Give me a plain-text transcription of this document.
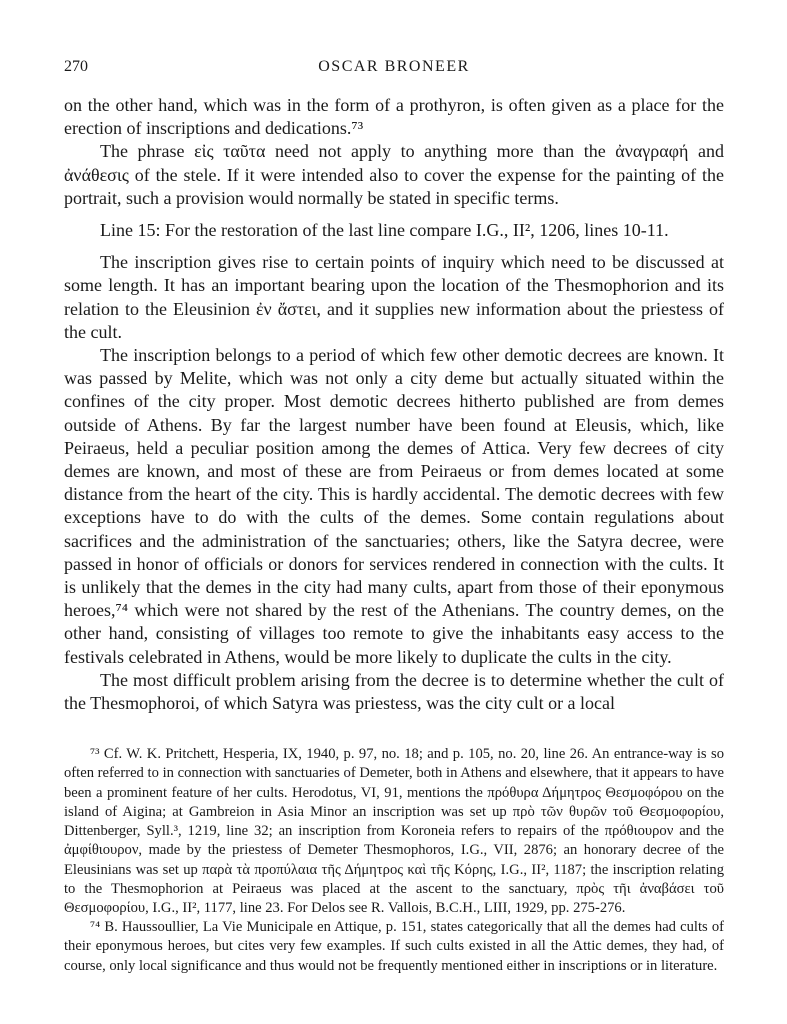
270	OSCAR BRONEER

on the other hand, which was in the form of a prothyron, is often given as a place for the erection of inscriptions and dedications.⁷³

The phrase εἰς ταῦτα need not apply to anything more than the ἀναγραφή and ἀνάθεσις of the stele. If it were intended also to cover the expense for the painting of the portrait, such a provision would normally be stated in specific terms.

Line 15: For the restoration of the last line compare I.G., II², 1206, lines 10-11.

The inscription gives rise to certain points of inquiry which need to be discussed at some length. It has an important bearing upon the location of the Thesmophorion and its relation to the Eleusinion ἐν ἄστει, and it supplies new information about the priestess of the cult.

The inscription belongs to a period of which few other demotic decrees are known. It was passed by Melite, which was not only a city deme but actually situated within the confines of the city proper. Most demotic decrees hitherto published are from demes outside of Athens. By far the largest number have been found at Eleusis, which, like Peiraeus, held a peculiar position among the demes of Attica. Very few decrees of city demes are known, and most of these are from Peiraeus or from demes located at some distance from the heart of the city. This is hardly accidental. The demotic decrees with few exceptions have to do with the cults of the demes. Some contain regulations about sacrifices and the administration of the sanctuaries; others, like the Satyra decree, were passed in honor of officials or donors for services rendered in connection with the cults. It is unlikely that the demes in the city had many cults, apart from those of their eponymous heroes,⁷⁴ which were not shared by the rest of the Athenians. The country demes, on the other hand, consisting of villages too remote to give the inhabitants easy access to the festivals celebrated in Athens, would be more likely to duplicate the cults in the city.

The most difficult problem arising from the decree is to determine whether the cult of the Thesmophoroi, of which Satyra was priestess, was the city cult or a local

⁷³ Cf. W. K. Pritchett, Hesperia, IX, 1940, p. 97, no. 18; and p. 105, no. 20, line 26. An entrance-way is so often referred to in connection with sanctuaries of Demeter, both in Athens and elsewhere, that it appears to have been a prominent feature of her cults. Herodotus, VI, 91, mentions the πρόθυρα Δήμητρος Θεσμοφόρου on the island of Aigina; at Gambreion in Asia Minor an inscription was set up πρὸ τῶν θυρῶν τοῦ Θεσμοφορίου, Dittenberger, Syll.³, 1219, line 32; an inscription from Koroneia refers to repairs of the πρόθιουρον and the ἀμφίθιουρον, made by the priestess of Demeter Thesmophoros, I.G., VII, 2876; an honorary decree of the Eleusinians was set up παρὰ τὰ προπύλαια τῆς Δήμητρος καὶ τῆς Κόρης, I.G., II², 1187; the inscription relating to the Thesmophorion at Peiraeus was placed at the ascent to the sanctuary, πρὸς τῆι ἀναβάσει τοῦ Θεσμοφορίου, I.G., II², 1177, line 23. For Delos see R. Vallois, B.C.H., LIII, 1929, pp. 275-276.

⁷⁴ B. Haussoullier, La Vie Municipale en Attique, p. 151, states categorically that all the demes had cults of their eponymous heroes, but cites very few examples. If such cults existed in all the Attic demes, they had, of course, only local significance and thus would not be frequently mentioned either in inscriptions or in literature.
